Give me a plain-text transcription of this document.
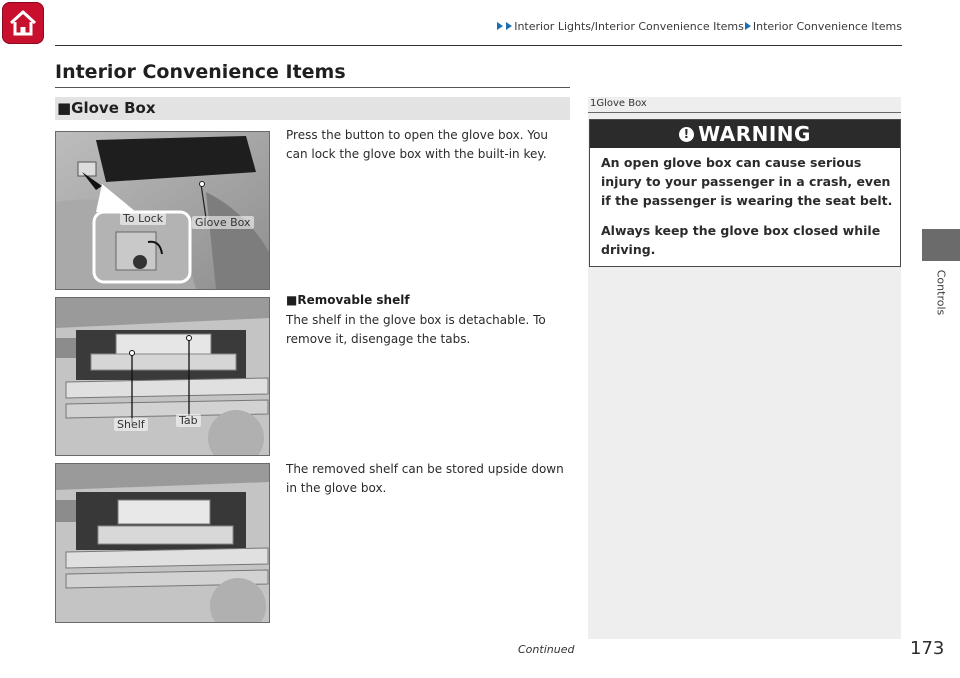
Interior Lights/Interior Convenience Items Interior Convenience Items
Controls
Interior Convenience Items
■Glove Box
To Lock	Glove Box
Shelf	Tab
Press the button to open the glove box. You can lock the glove box with the built-in key.
■Removable shelf
The shelf in the glove box is detachable. To remove it, disengage the tabs.
The removed shelf can be stored upside down in the glove box.
1Glove Box
! WARNING
An open glove box can cause serious injury to your passenger in a crash, even if the passenger is wearing the seat belt.
Always keep the glove box closed while driving.
Continued	173
